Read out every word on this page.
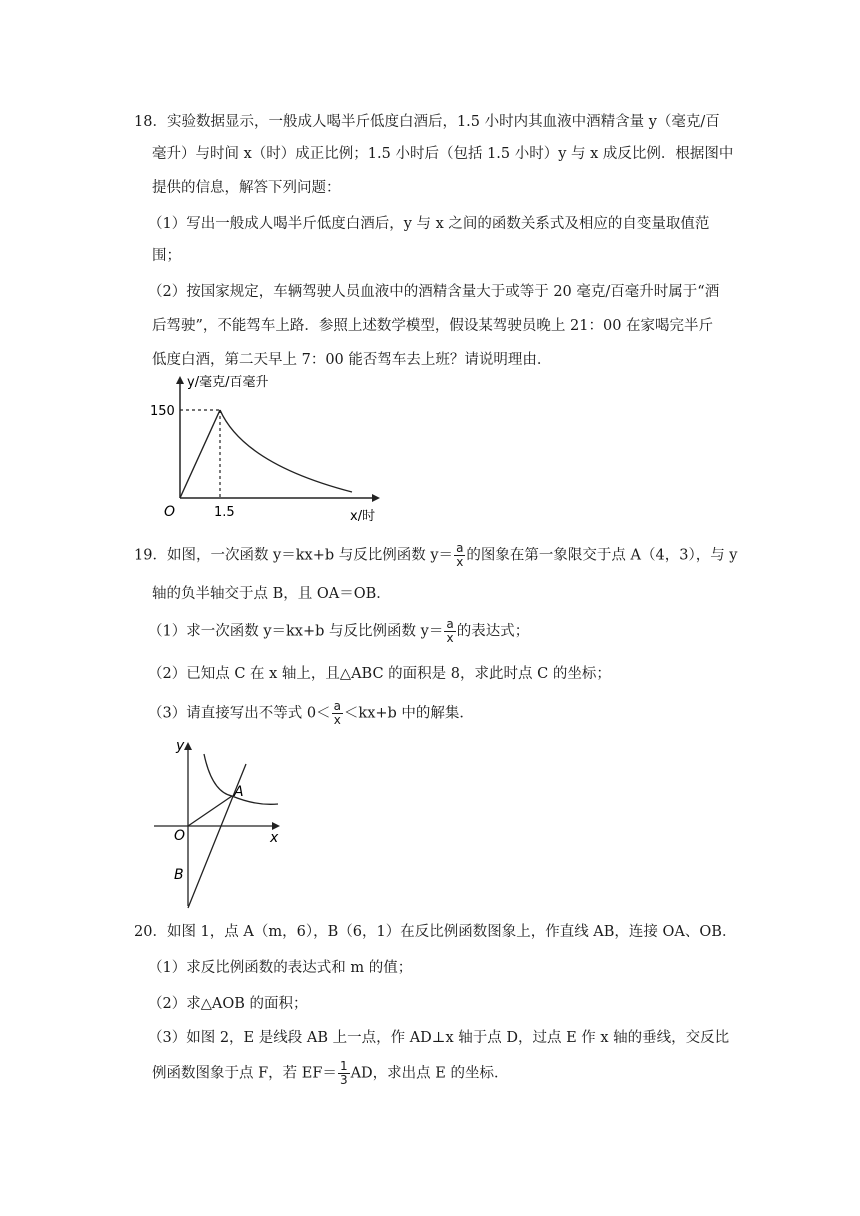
18．实验数据显示，一般成人喝半斤低度白酒后，1.5 小时内其血液中酒精含量 y（毫克/百
毫升）与时间 x（时）成正比例；1.5 小时后（包括 1.5 小时）y 与 x 成反比例．根据图中
提供的信息，解答下列问题：
（1）写出一般成人喝半斤低度白酒后，y 与 x 之间的函数关系式及相应的自变量取值范
围；
（2）按国家规定，车辆驾驶人员血液中的酒精含量大于或等于 20 毫克/百毫升时属于“酒
后驾驶”，不能驾车上路．参照上述数学模型，假设某驾驶员晚上 21：00 在家喝完半斤
低度白酒，第二天早上 7：00 能否驾车去上班？请说明理由．
y/毫克/百毫升
150
1.5
O	x/时
19．如图，一次函数 y＝kx+b 与反比例函数 $y= \frac{a}{x}$ 的图象在第一象限交于点 A（4，3），与 y
轴的负半轴交于点 B，且 OA＝OB．
（1）求一次函数 y＝kx+b 与反比例函数 $y= \frac{a}{x}$ 的表达式；
（2）已知点 C 在 x 轴上，且△ABC 的面积是 8，求此时点 C 的坐标；
（3）请直接写出不等式 $0< \frac{a}{x} <kx+b$ 中的解集．
y
x
O
A
B
20．如图 1，点 A（m，6），B（6，1）在反比例函数图象上，作直线 AB，连接 OA、OB．
（1）求反比例函数的表达式和 m 的值；
（2）求△AOB 的面积；
（3）如图 2，E 是线段 AB 上一点，作 AD⊥x 轴于点 D，过点 E 作 x 轴的垂线，交反比
例函数图象于点 F，若 $EF= \frac{1}{3}$ AD，求出点 E 的坐标．
